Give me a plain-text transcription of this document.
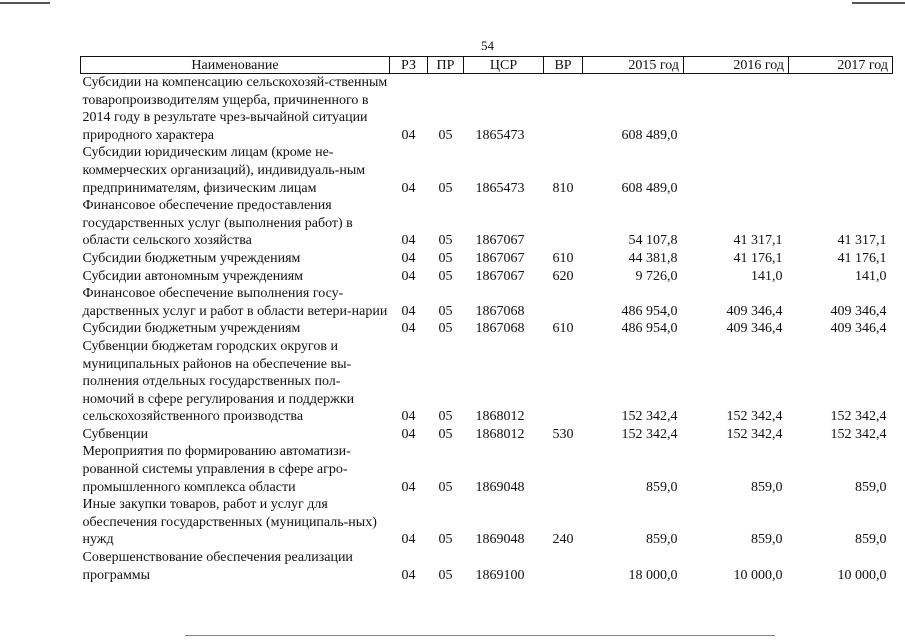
54
Наименование	РЗ	ПР	ЦСР	ВР	2015 год	2016 год	2017 год
Субсидии на компенсацию сельскохозяй-ственным товаропроизводителям ущерба, причиненного в 2014 году в результате чрез-вычайной ситуации природного характера	04	05	1865473		608 489,0		
Субсидии юридическим лицам (кроме не-коммерческих организаций), индивидуаль-ным предпринимателям, физическим лицам	04	05	1865473	810	608 489,0		
Финансовое обеспечение предоставления государственных услуг (выполнения работ) в области сельского хозяйства	04	05	1867067		54 107,8	41 317,1	41 317,1
Субсидии бюджетным учреждениям	04	05	1867067	610	44 381,8	41 176,1	41 176,1
Субсидии автономным учреждениям	04	05	1867067	620	9 726,0	141,0	141,0
Финансовое обеспечение выполнения госу-дарственных услуг и работ в области ветери-нарии	04	05	1867068		486 954,0	409 346,4	409 346,4
Субсидии бюджетным учреждениям	04	05	1867068	610	486 954,0	409 346,4	409 346,4
Субвенции бюджетам городских округов и муниципальных районов на обеспечение вы-полнения отдельных государственных пол-номочий в сфере регулирования и поддержки сельскохозяйственного производства	04	05	1868012		152 342,4	152 342,4	152 342,4
Субвенции	04	05	1868012	530	152 342,4	152 342,4	152 342,4
Мероприятия по формированию автоматизи-рованной системы управления в сфере агро-промышленного комплекса области	04	05	1869048		859,0	859,0	859,0
Иные закупки товаров, работ и услуг для обеспечения государственных (муниципаль-ных) нужд	04	05	1869048	240	859,0	859,0	859,0
Совершенствование обеспечения реализации программы	04	05	1869100		18 000,0	10 000,0	10 000,0
